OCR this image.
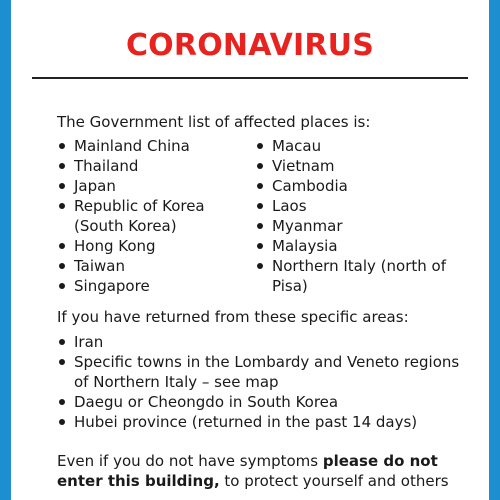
CORONAVIRUS

The Government list of affected places is:

Mainland China
Thailand
Japan
Republic of Korea (South Korea)
Hong Kong
Taiwan
Singapore
Macau
Vietnam
Cambodia
Laos
Myanmar
Malaysia
Northern Italy (north of Pisa)

If you have returned from these specific areas:

Iran
Specific towns in the Lombardy and Veneto regions of Northern Italy – see map
Daegu or Cheongdo in South Korea
Hubei province (returned in the past 14 days)

Even if you do not have symptoms please do not enter this building, to protect yourself and others
